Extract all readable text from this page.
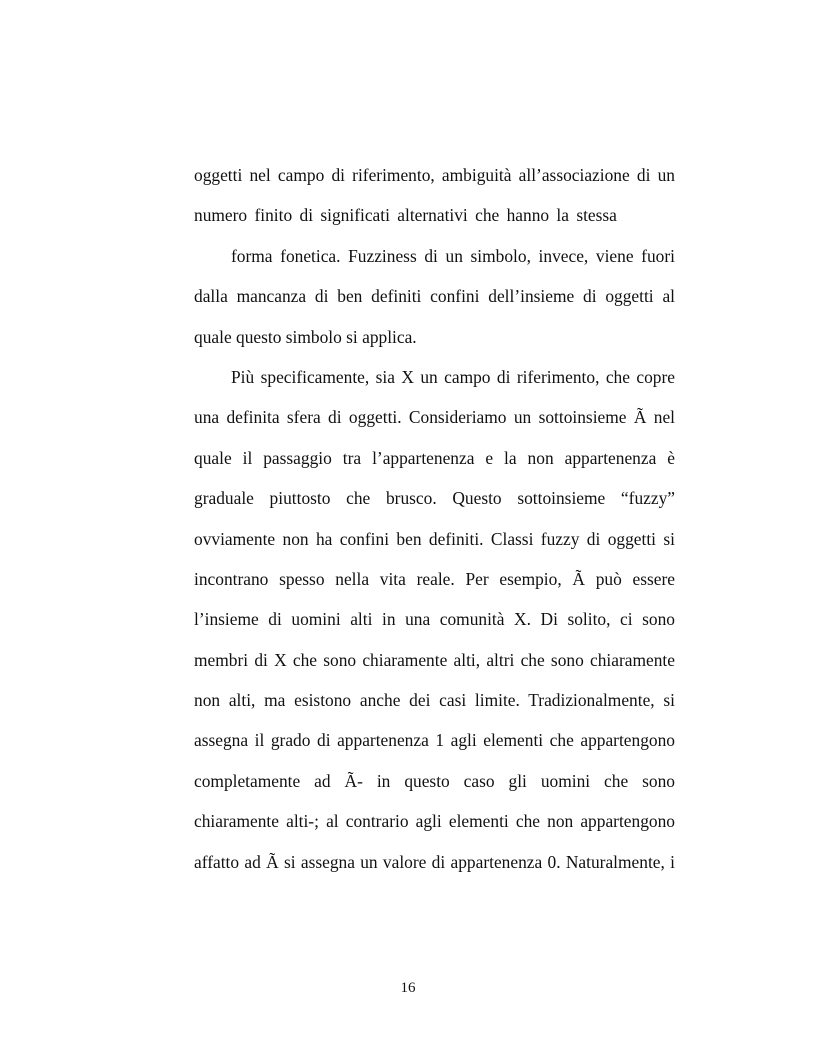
oggetti nel campo di riferimento, ambiguità all’associazione di un
numero finito di significati alternativi che hanno la stessa
forma fonetica. Fuzziness di un simbolo, invece, viene fuori
dalla mancanza di ben definiti confini dell’insieme di oggetti al
quale questo simbolo si applica.
Più specificamente, sia X un campo di riferimento, che copre
una definita sfera di oggetti. Consideriamo un sottoinsieme Ã nel
quale il passaggio tra l’appartenenza e la non appartenenza è
graduale piuttosto che brusco. Questo sottoinsieme “fuzzy”
ovviamente non ha confini ben definiti. Classi fuzzy di oggetti si
incontrano spesso nella vita reale. Per esempio, Ã può essere
l’insieme di uomini alti in una comunità X. Di solito, ci sono
membri di X che sono chiaramente alti, altri che sono chiaramente
non alti, ma esistono anche dei casi limite. Tradizionalmente, si
assegna il grado di appartenenza 1 agli elementi che appartengono
completamente ad Ã- in questo caso gli uomini che sono
chiaramente alti-; al contrario agli elementi che non appartengono
affatto ad Ã si assegna un valore di appartenenza 0. Naturalmente, i
16
